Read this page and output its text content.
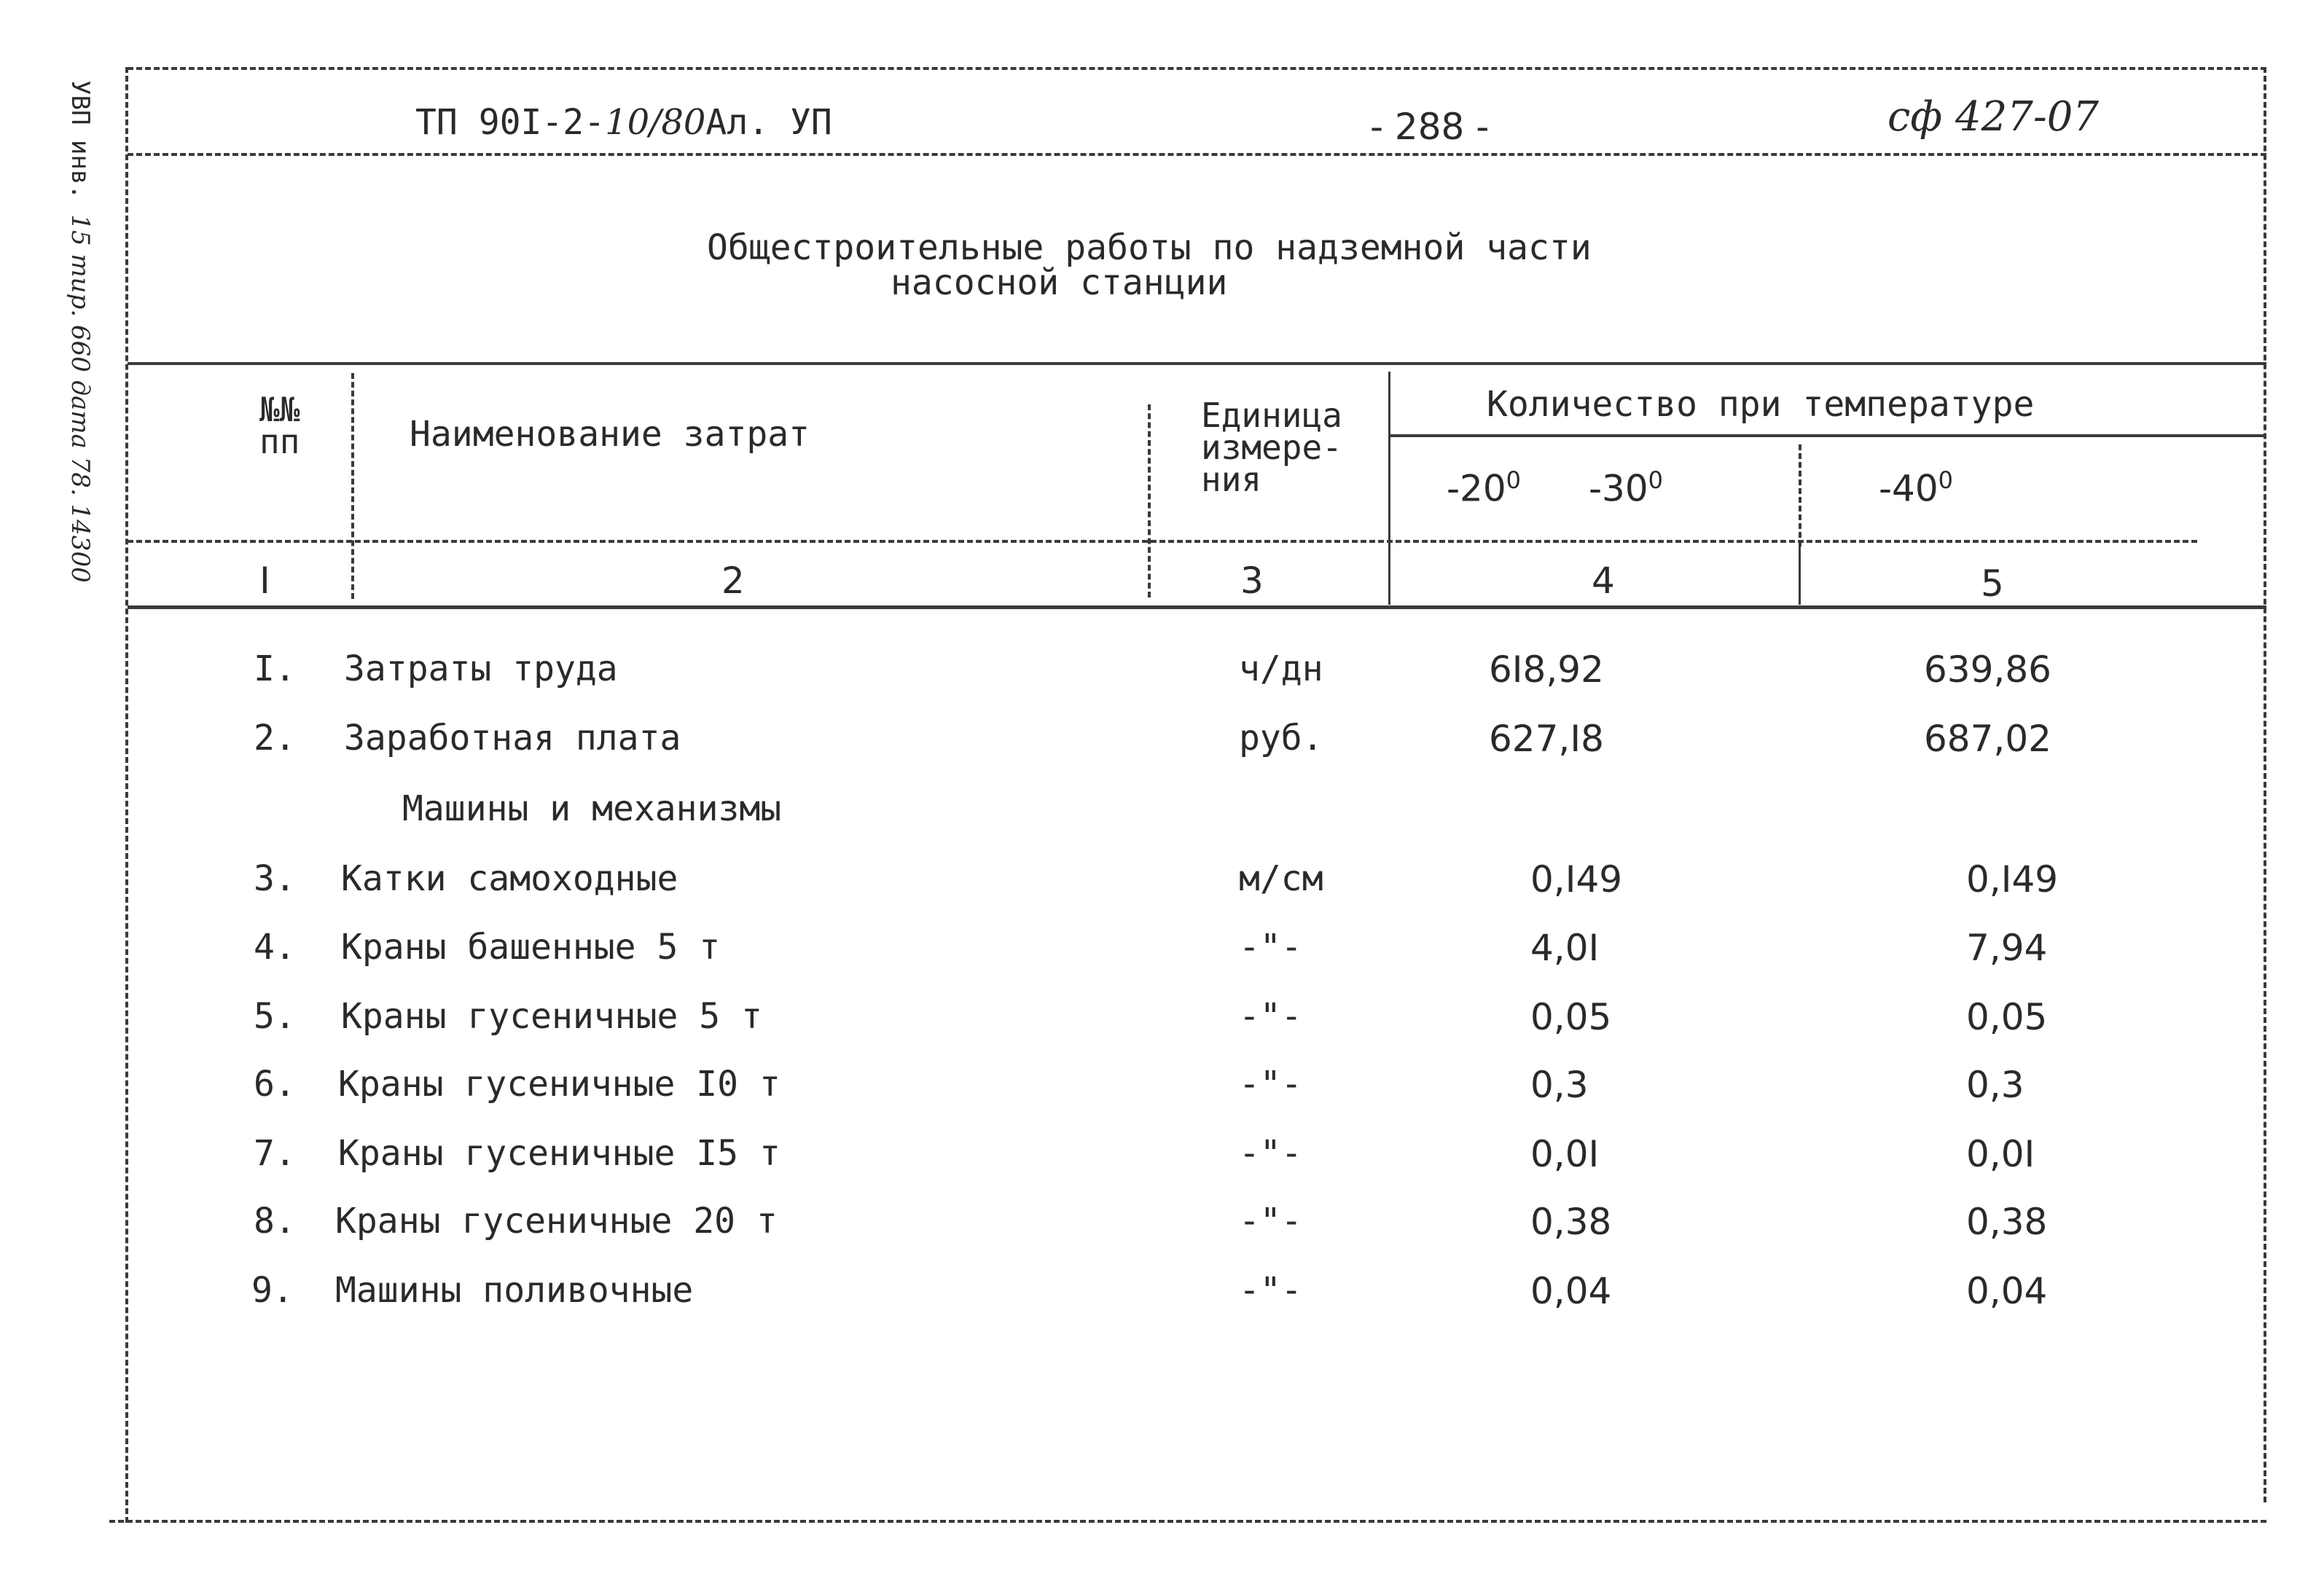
УВП инв. 15 тир. 660 дата 78. 14300
ТП 90I-2-10/80Ал. УП	- 288 -	сф 427-07
Общестроительные работы по надземной части
насосной станции
№№
пп	Наименование затрат	Единица
измере-
ния
Количество при температуре
$-20^0$ $-30^0$	$-40^0$
I	2	3	4	5
I. Затраты труда	ч/дн	6I8,92	639,86
2. Заработная плата	руб.	627,I8	687,02
Машины и механизмы
3. Катки самоходные	м/см	0,I49	0,I49
4. Краны башенные 5 т	-"-	4,0I	7,94
5. Краны гусеничные 5 т	-"-	0,05	0,05
6. Краны гусеничные I0 т	-"-	0,3	0,3
7. Краны гусеничные I5 т	-"-	0,0I	0,0I
8. Краны гусеничные 20 т	-"-	0,38	0,38
9. Машины поливочные	-"-	0,04	0,04
